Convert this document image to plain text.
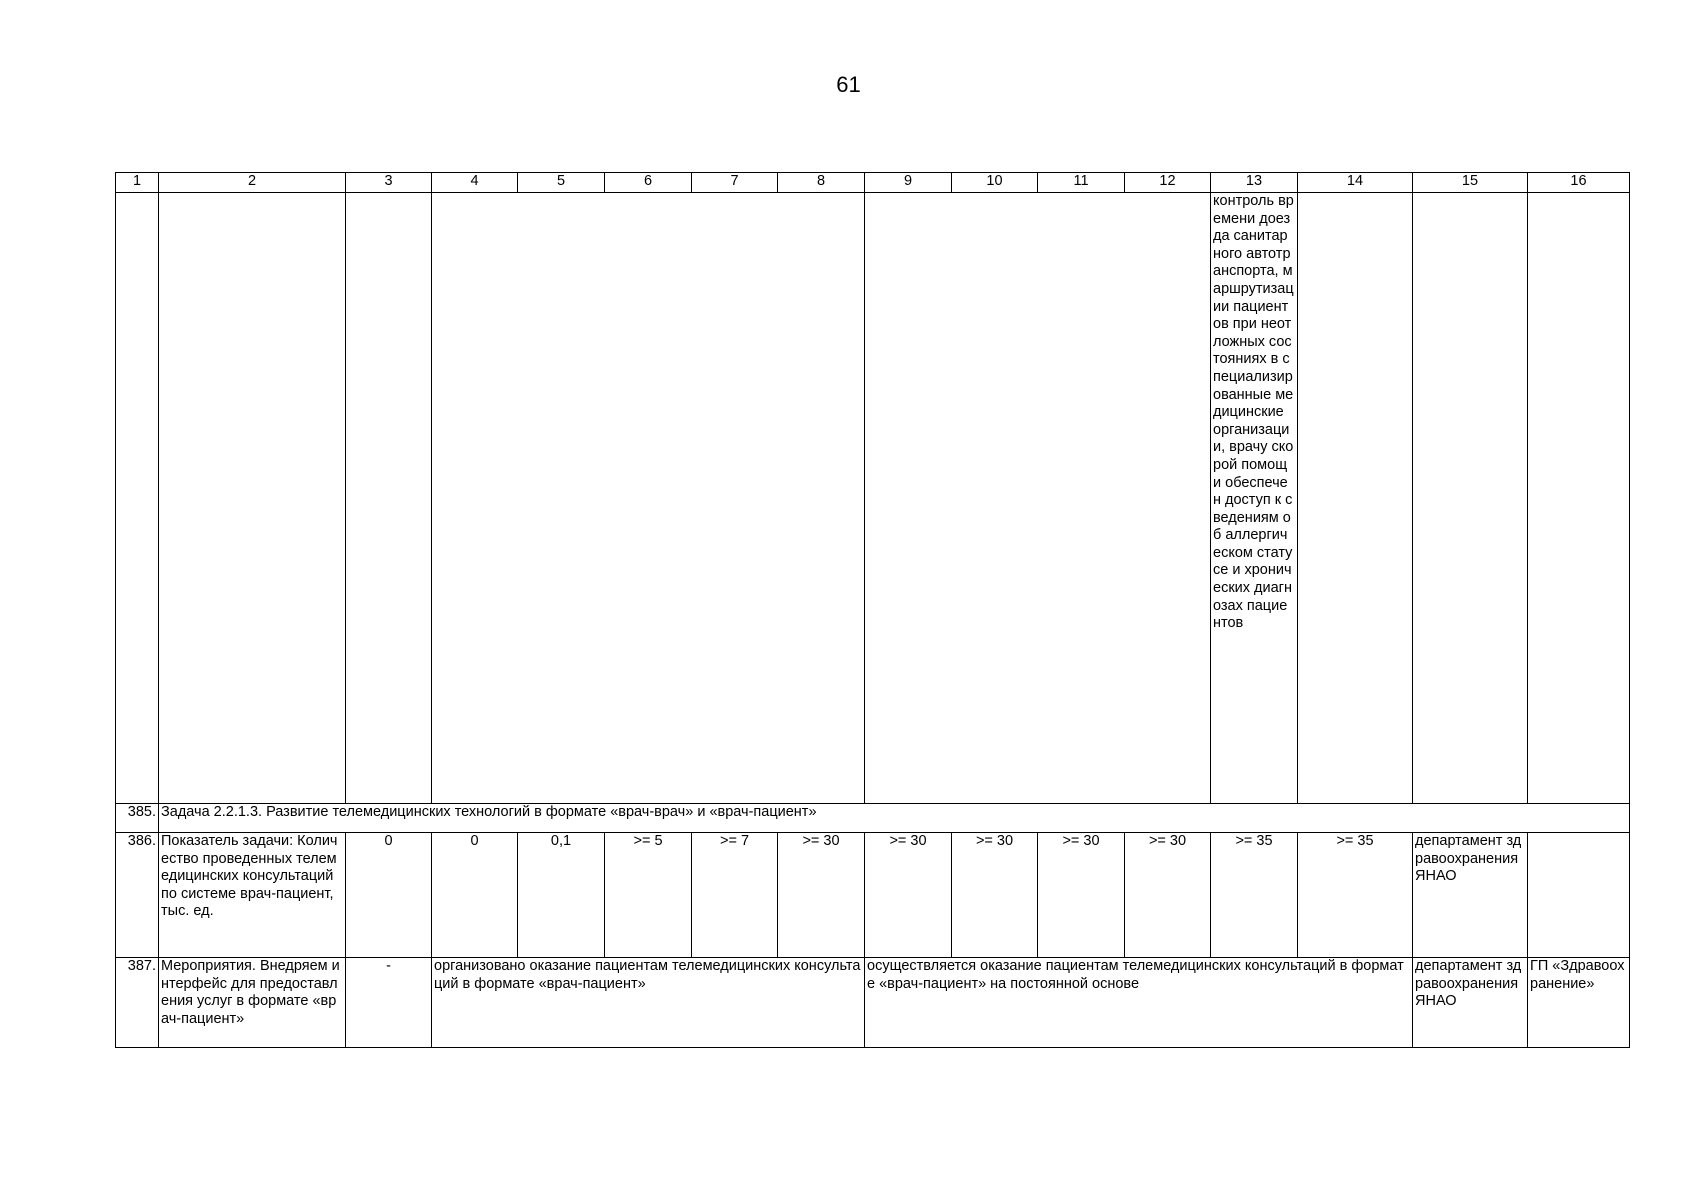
61
1	2	3	4	5	6	7	8	9	10	11	12	13	14	15	16
												контроль времени доезда санитарного автотранспорта, маршрутизации пациентов при неотложных состояниях в специализированные медицинские организации, врачу скорой помощи обеспечен доступ к сведениям об аллергическом статусе и хронических диагнозах пациентов			
385.	Задача 2.2.1.3. Развитие телемедицинских технологий в формате «врач-врач» и «врач-пациент»														
386.	Показатель задачи: Количество проведенных телемедицинских консультаций по системе врач-пациент, тыс. ед.	0	0	0,1	>= 5	>= 7	>= 30	>= 30	>= 30	>= 30	>= 30	>= 35	>= 35	департамент здравоохранения ЯНАО	
387.	Мероприятия. Внедряем интерфейс для предоставления услуг в формате «врач-пациент»	-	организовано оказание пациентам телемедицинских консультаций в формате «врач-пациент»					осуществляется оказание пациентам телемедицинских консультаций в формате «врач-пациент» на постоянной основе						департамент здравоохранения ЯНАО	ГП «Здравоохранение»
